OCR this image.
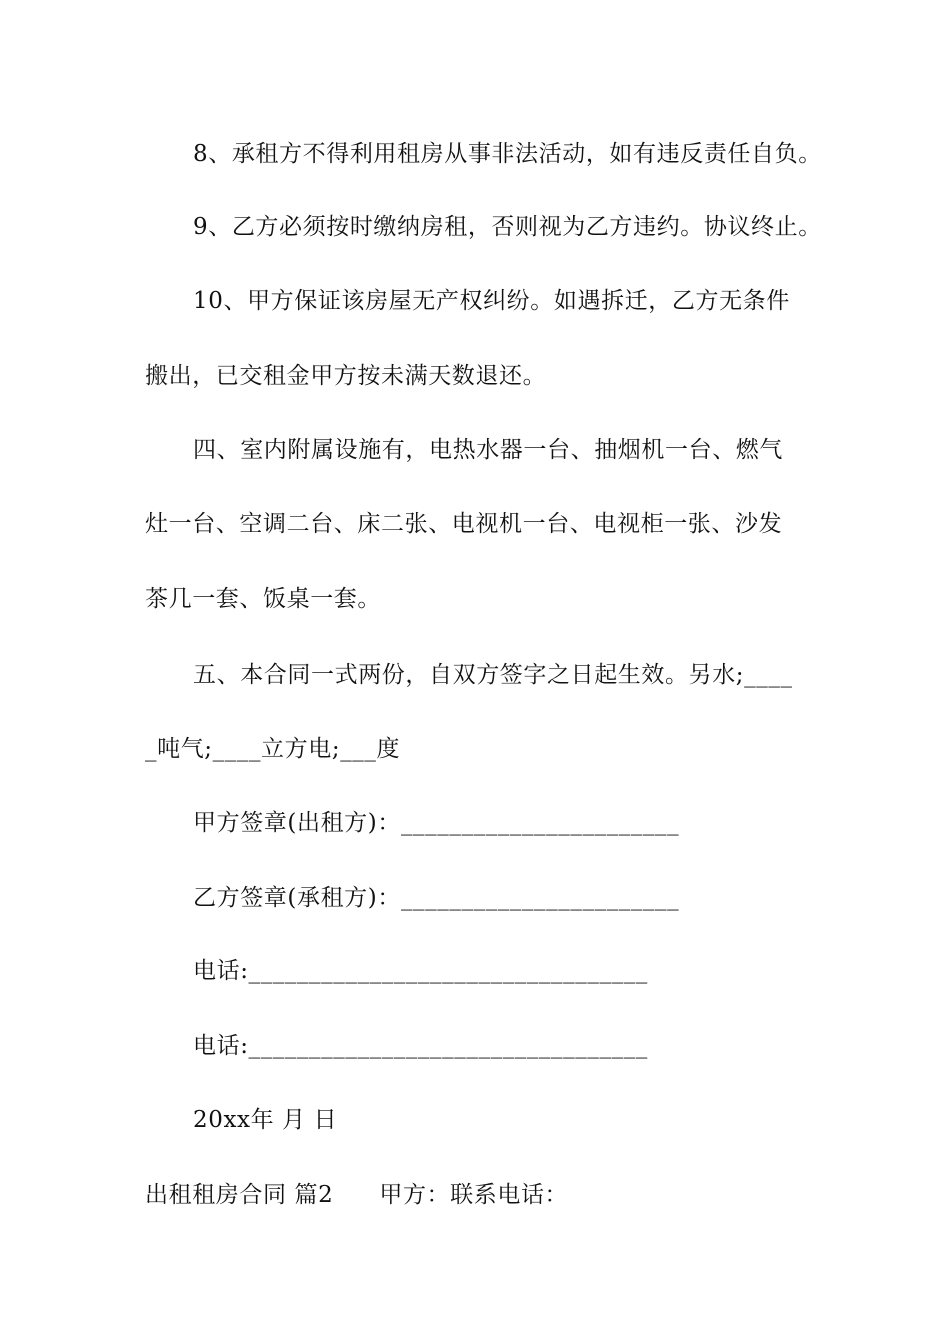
8、承租方不得利用租房从事非法活动，如有违反责任自负。
9、乙方必须按时缴纳房租，否则视为乙方违约。协议终止。
10、甲方保证该房屋无产权纠纷。如遇拆迁，乙方无条件
搬出，已交租金甲方按未满天数退还。
四、室内附属设施有，电热水器一台、抽烟机一台、燃气
灶一台、空调二台、床二张、电视机一台、电视柜一张、沙发
茶几一套、饭桌一套。
五、本合同一式两份，自双方签字之日起生效。另水;____
_吨气;____立方电;___度
甲方签章(出租方)：_______________________
乙方签章(承租方)：_______________________
电话:_________________________________
电话:_________________________________
20xx年 月 日
出租租房合同 篇2 甲方：联系电话：
